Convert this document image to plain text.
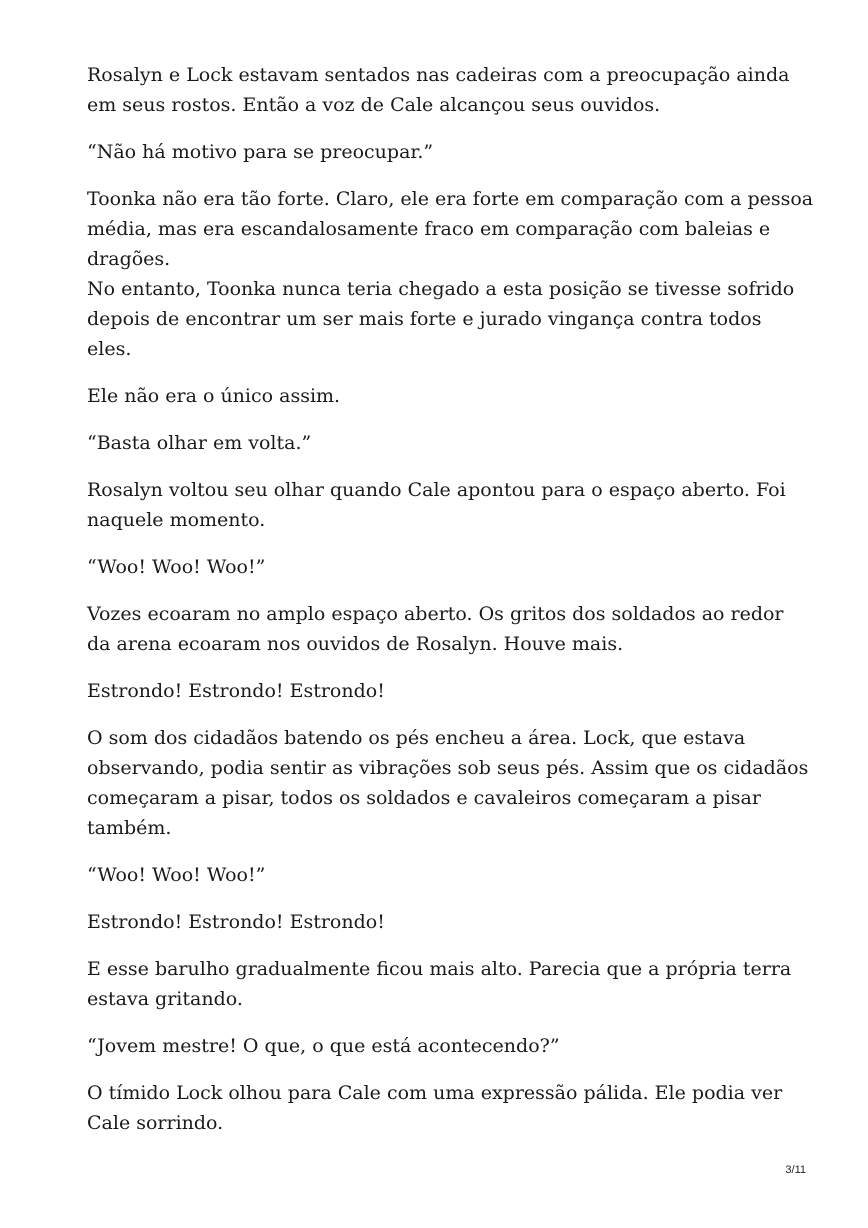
Rosalyn e Lock estavam sentados nas cadeiras com a preocupação ainda
em seus rostos. Então a voz de Cale alcançou seus ouvidos.

“Não há motivo para se preocupar.”

Toonka não era tão forte. Claro, ele era forte em comparação com a pessoa
média, mas era escandalosamente fraco em comparação com baleias e
dragões.
No entanto, Toonka nunca teria chegado a esta posição se tivesse sofrido
depois de encontrar um ser mais forte e jurado vingança contra todos
eles.

Ele não era o único assim.

“Basta olhar em volta.”

Rosalyn voltou seu olhar quando Cale apontou para o espaço aberto. Foi
naquele momento.

“Woo! Woo! Woo!”

Vozes ecoaram no amplo espaço aberto. Os gritos dos soldados ao redor
da arena ecoaram nos ouvidos de Rosalyn. Houve mais.

Estrondo! Estrondo! Estrondo!

O som dos cidadãos batendo os pés encheu a área. Lock, que estava
observando, podia sentir as vibrações sob seus pés. Assim que os cidadãos
começaram a pisar, todos os soldados e cavaleiros começaram a pisar
também.

“Woo! Woo! Woo!”

Estrondo! Estrondo! Estrondo!

E esse barulho gradualmente ficou mais alto. Parecia que a própria terra
estava gritando.

“Jovem mestre! O que, o que está acontecendo?”

O tímido Lock olhou para Cale com uma expressão pálida. Ele podia ver
Cale sorrindo.

3/11
